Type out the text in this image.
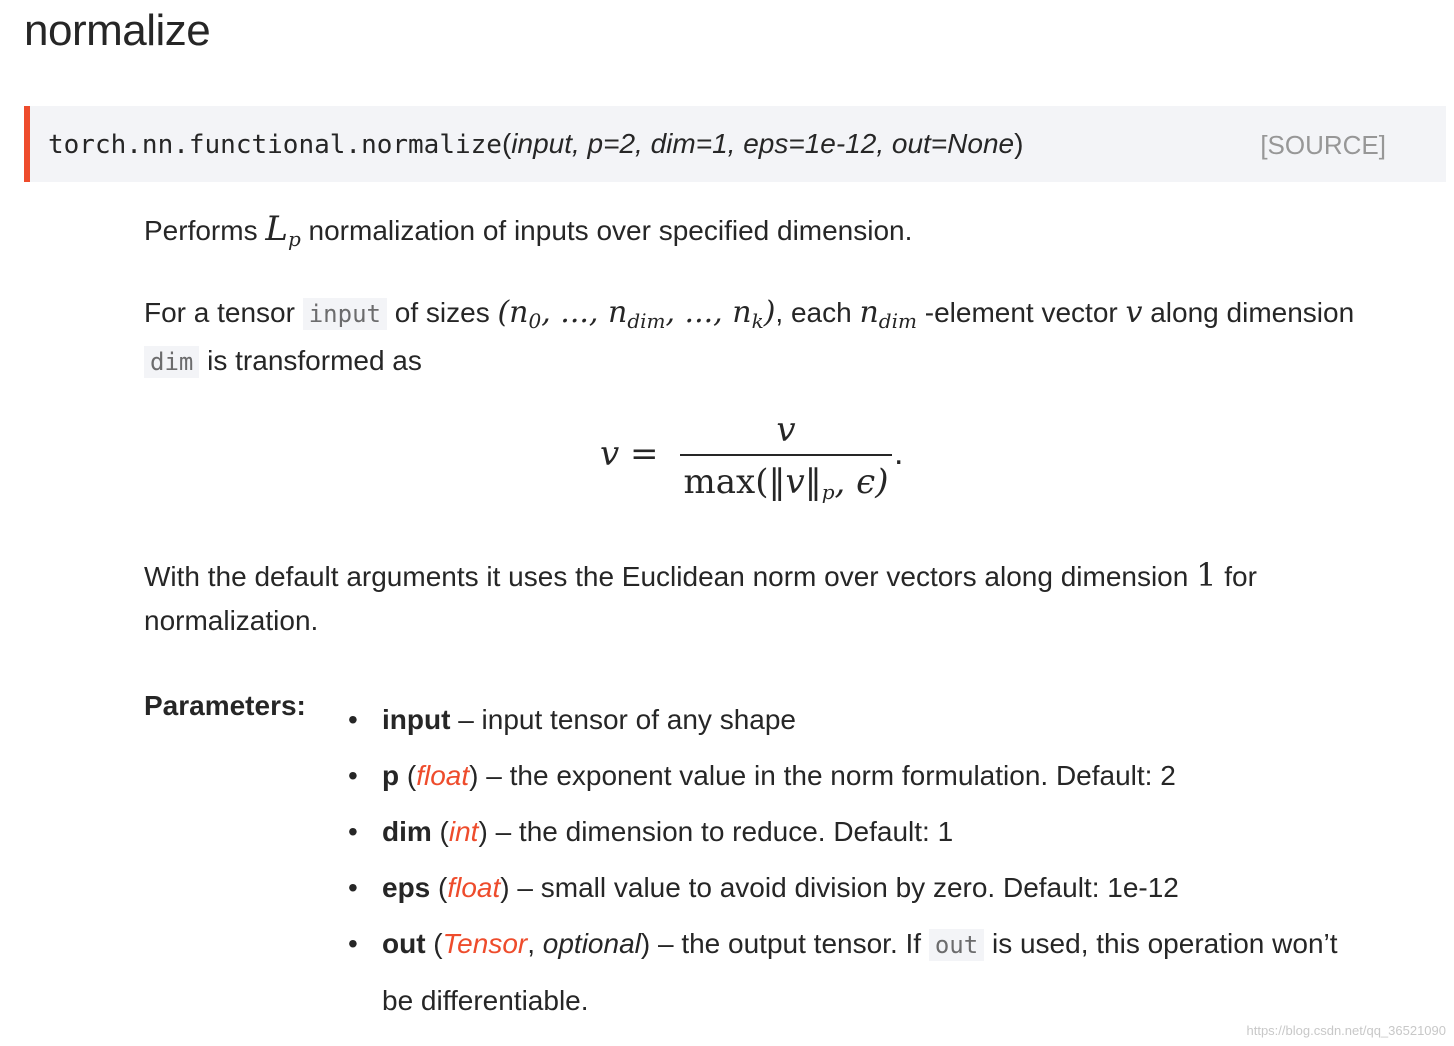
normalize
torch.nn.functional.normalize(input, p=2, dim=1, eps=1e-12, out=None)	[SOURCE]
Performs $L_p$ normalization of inputs over specified dimension.
For a tensor input of sizes ($n_0$, ..., $n_{dim}$, ..., $n_k$), each $n_{dim}$ -element vector v along dimension
dim is transformed as
v =
v
$\max(‖v‖_p$, ϵ)
.
With the default arguments it uses the Euclidean norm over vectors along dimension 1 for
normalization.
Parameters: • input – input tensor of any shape
• p (float) – the exponent value in the norm formulation. Default: 2
• dim (int) – the dimension to reduce. Default: 1
• eps (float) – small value to avoid division by zero. Default: 1e-12
• out (Tensor, optional) – the output tensor. If out is used, this operation won’t
be differentiable.
https://blog.csdn.net/qq_36521090
